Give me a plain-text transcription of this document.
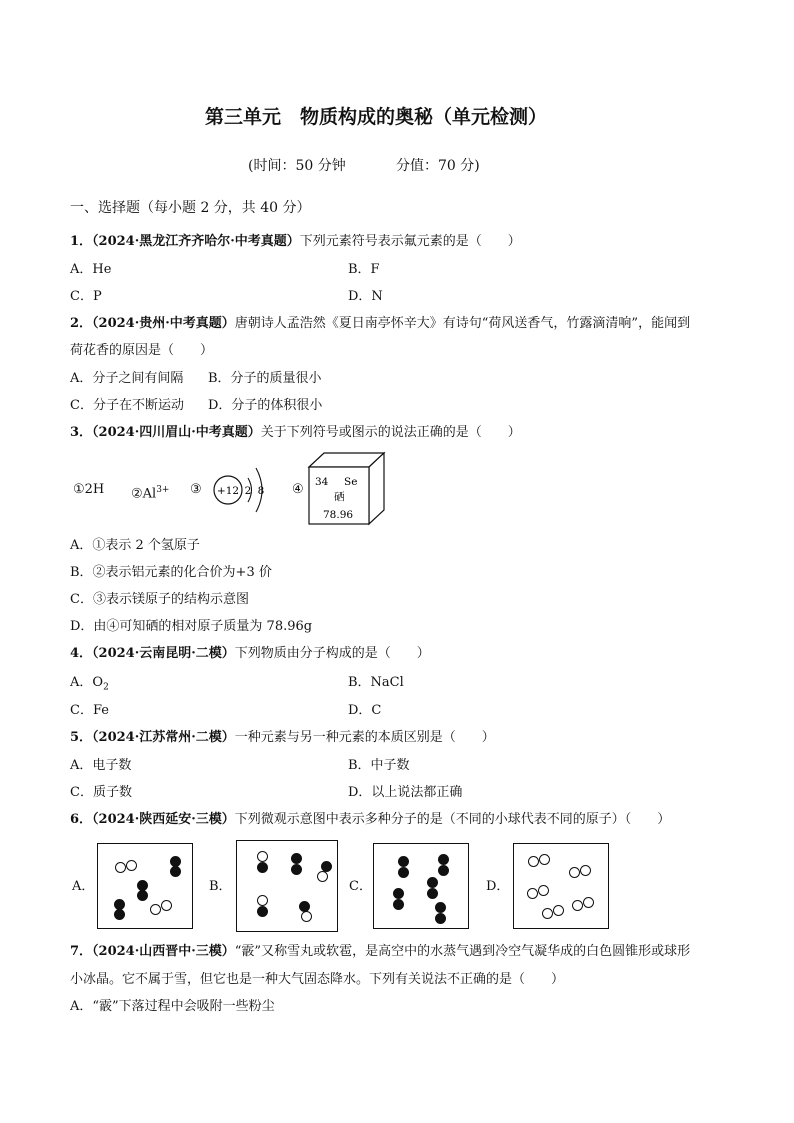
第三单元　物质构成的奥秘（单元检测）
(时间：50 分钟	分值：70 分)
一、选择题（每小题 2 分，共 40 分）
1．（2024·黑龙江齐齐哈尔·中考真题）下列元素符号表示氟元素的是（　　）
A．He	B．F
C．P	D．N
2．（2024·贵州·中考真题）唐朝诗人孟浩然《夏日南亭怀辛大》有诗句“荷风送香气，竹露滴清响”，能闻到
荷花香的原因是（　　）
A．分子之间有间隔 B．分子的质量很小
C．分子在不断运动 D．分子的体积很小
3．（2024·四川眉山·中考真题）关于下列符号或图示的说法正确的是（　　）
①2H $②Al^{3+}$ ③ +12 2 8 ④ 34 Se
硒
78.96
A．①表示 2 个氢原子
B．②表示铝元素的化合价为+3 价
C．③表示镁原子的结构示意图
D．由④可知硒的相对原子质量为 78.96g
4．（2024·云南昆明·二模）下列物质由分子构成的是（　　）
A．$O_2$	B．NaCl
C．Fe	D．C
5．（2024·江苏常州·二模）一种元素与另一种元素的本质区别是（　　）
A．电子数	B．中子数
C．质子数	D．以上说法都正确
6．（2024·陕西延安·三模）下列微观示意图中表示多种分子的是（不同的小球代表不同的原子）（　　）
A．	B．	C．	D．
7．（2024·山西晋中·三模）“霰”又称雪丸或软雹，是高空中的水蒸气遇到冷空气凝华成的白色圆锥形或球形
小冰晶。它不属于雪，但它也是一种大气固态降水。下列有关说法不正确的是（　　）
A．“霰”下落过程中会吸附一些粉尘
